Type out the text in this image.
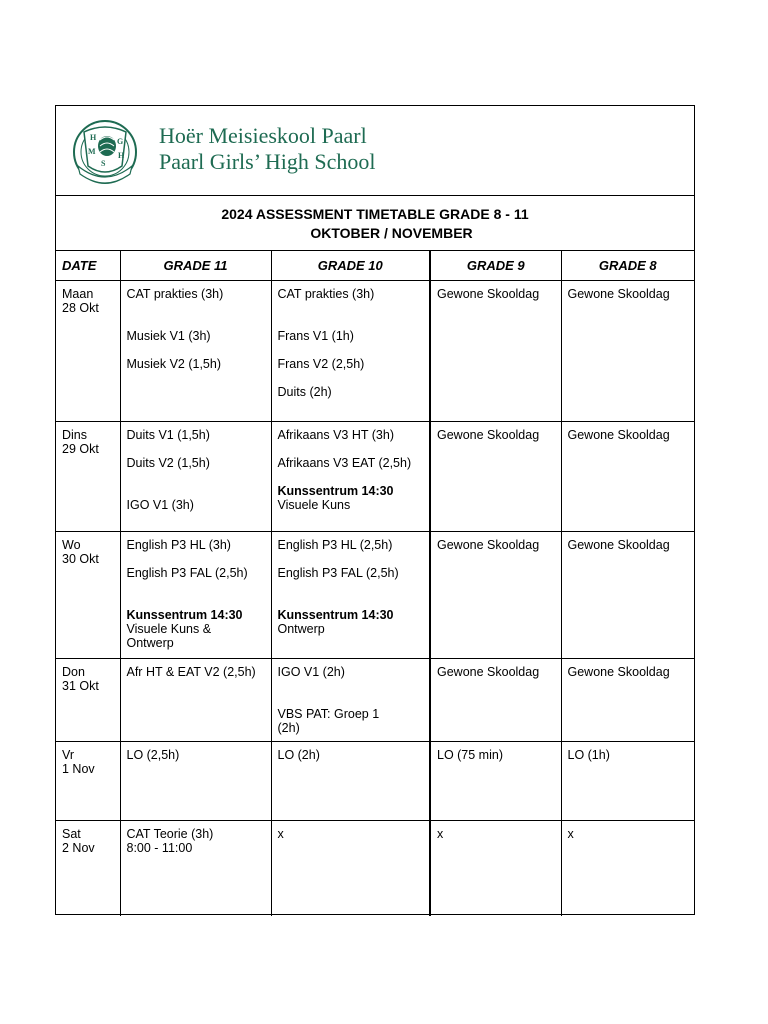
H	G
M	H
S
Hoër Meisieskool Paarl
Paarl Girls’ High School
2024 ASSESSMENT TIMETABLE GRADE 8 - 11
OKTOBER / NOVEMBER
DATE	GRADE 11	GRADE 10	GRADE 9	GRADE 8

Maan
28 Okt	CAT prakties (3h)
Musiek V1 (3h)
Musiek V2 (1,5h)	CAT prakties (3h)
Frans V1 (1h)
Frans V2 (2,5h)
Duits (2h)	Gewone Skooldag	Gewone Skooldag

Dins
29 Okt	Duits V1 (1,5h)
Duits V2 (1,5h)
IGO V1 (3h)	Afrikaans V3 HT (3h)
Afrikaans V3 EAT (2,5h)
Kunssentrum 14:30
Visuele Kuns	Gewone Skooldag	Gewone Skooldag

Wo
30 Okt	English P3 HL (3h)
English P3 FAL (2,5h)
Kunssentrum 14:30
Visuele Kuns &
Ontwerp	English P3 HL (2,5h)
English P3 FAL (2,5h)
Kunssentrum 14:30
Ontwerp	Gewone Skooldag	Gewone Skooldag

Don
31 Okt	Afr HT & EAT V2 (2,5h)	IGO V1 (2h)
VBS PAT: Groep 1
(2h)	Gewone Skooldag	Gewone Skooldag

Vr
1 Nov	LO (2,5h)	LO (2h)	LO (75 min)	LO (1h)

Sat
2 Nov	CAT Teorie (3h)
8:00 - 11:00	x	x	x
